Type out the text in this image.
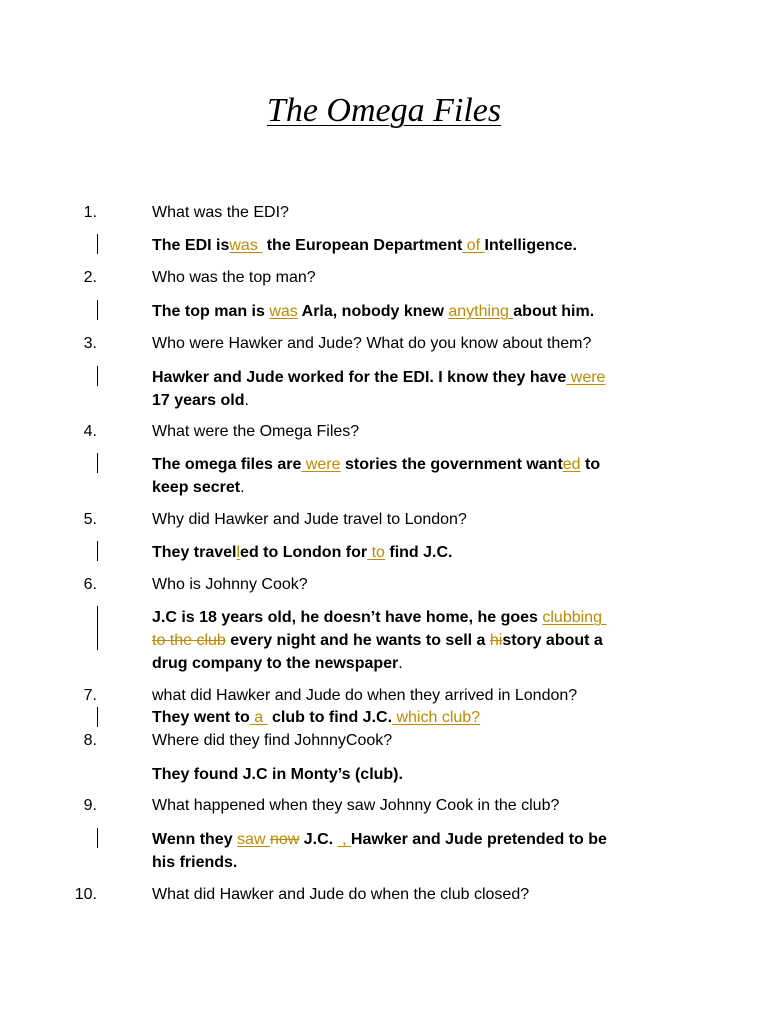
The Omega Files
1.	What was the EDI?
The EDI iswas  the European Department of Intelligence.
2.	Who was the top man?
The top man is was Arla, nobody knew anything about him.
3.	Who were Hawker and Jude? What do you know about them?
Hawker and Jude worked for the EDI. I know they have were
17 years old.
4.	What were the Omega Files?
The omega files are were stories the government wanted to
keep secret.
5.	Why did Hawker and Jude travel to London?
They travelled to London for to find J.C.
6.	Who is Johnny Cook?
J.C is 18 years old, he doesn’t have home, he goes clubbing
to the club every night and he wants to sell a history about a
drug company to the newspaper.
7.	what did Hawker and Jude do when they arrived in London?
They went to a  club to find J.C. which club?
8.	Where did they find JohnnyCook?
They found J.C in Monty’s (club).
9.	What happened when they saw Johnny Cook in the club?
Wenn they saw now J.C.  , Hawker and Jude pretended to be
his friends.
10.	What did Hawker and Jude do when the club closed?
